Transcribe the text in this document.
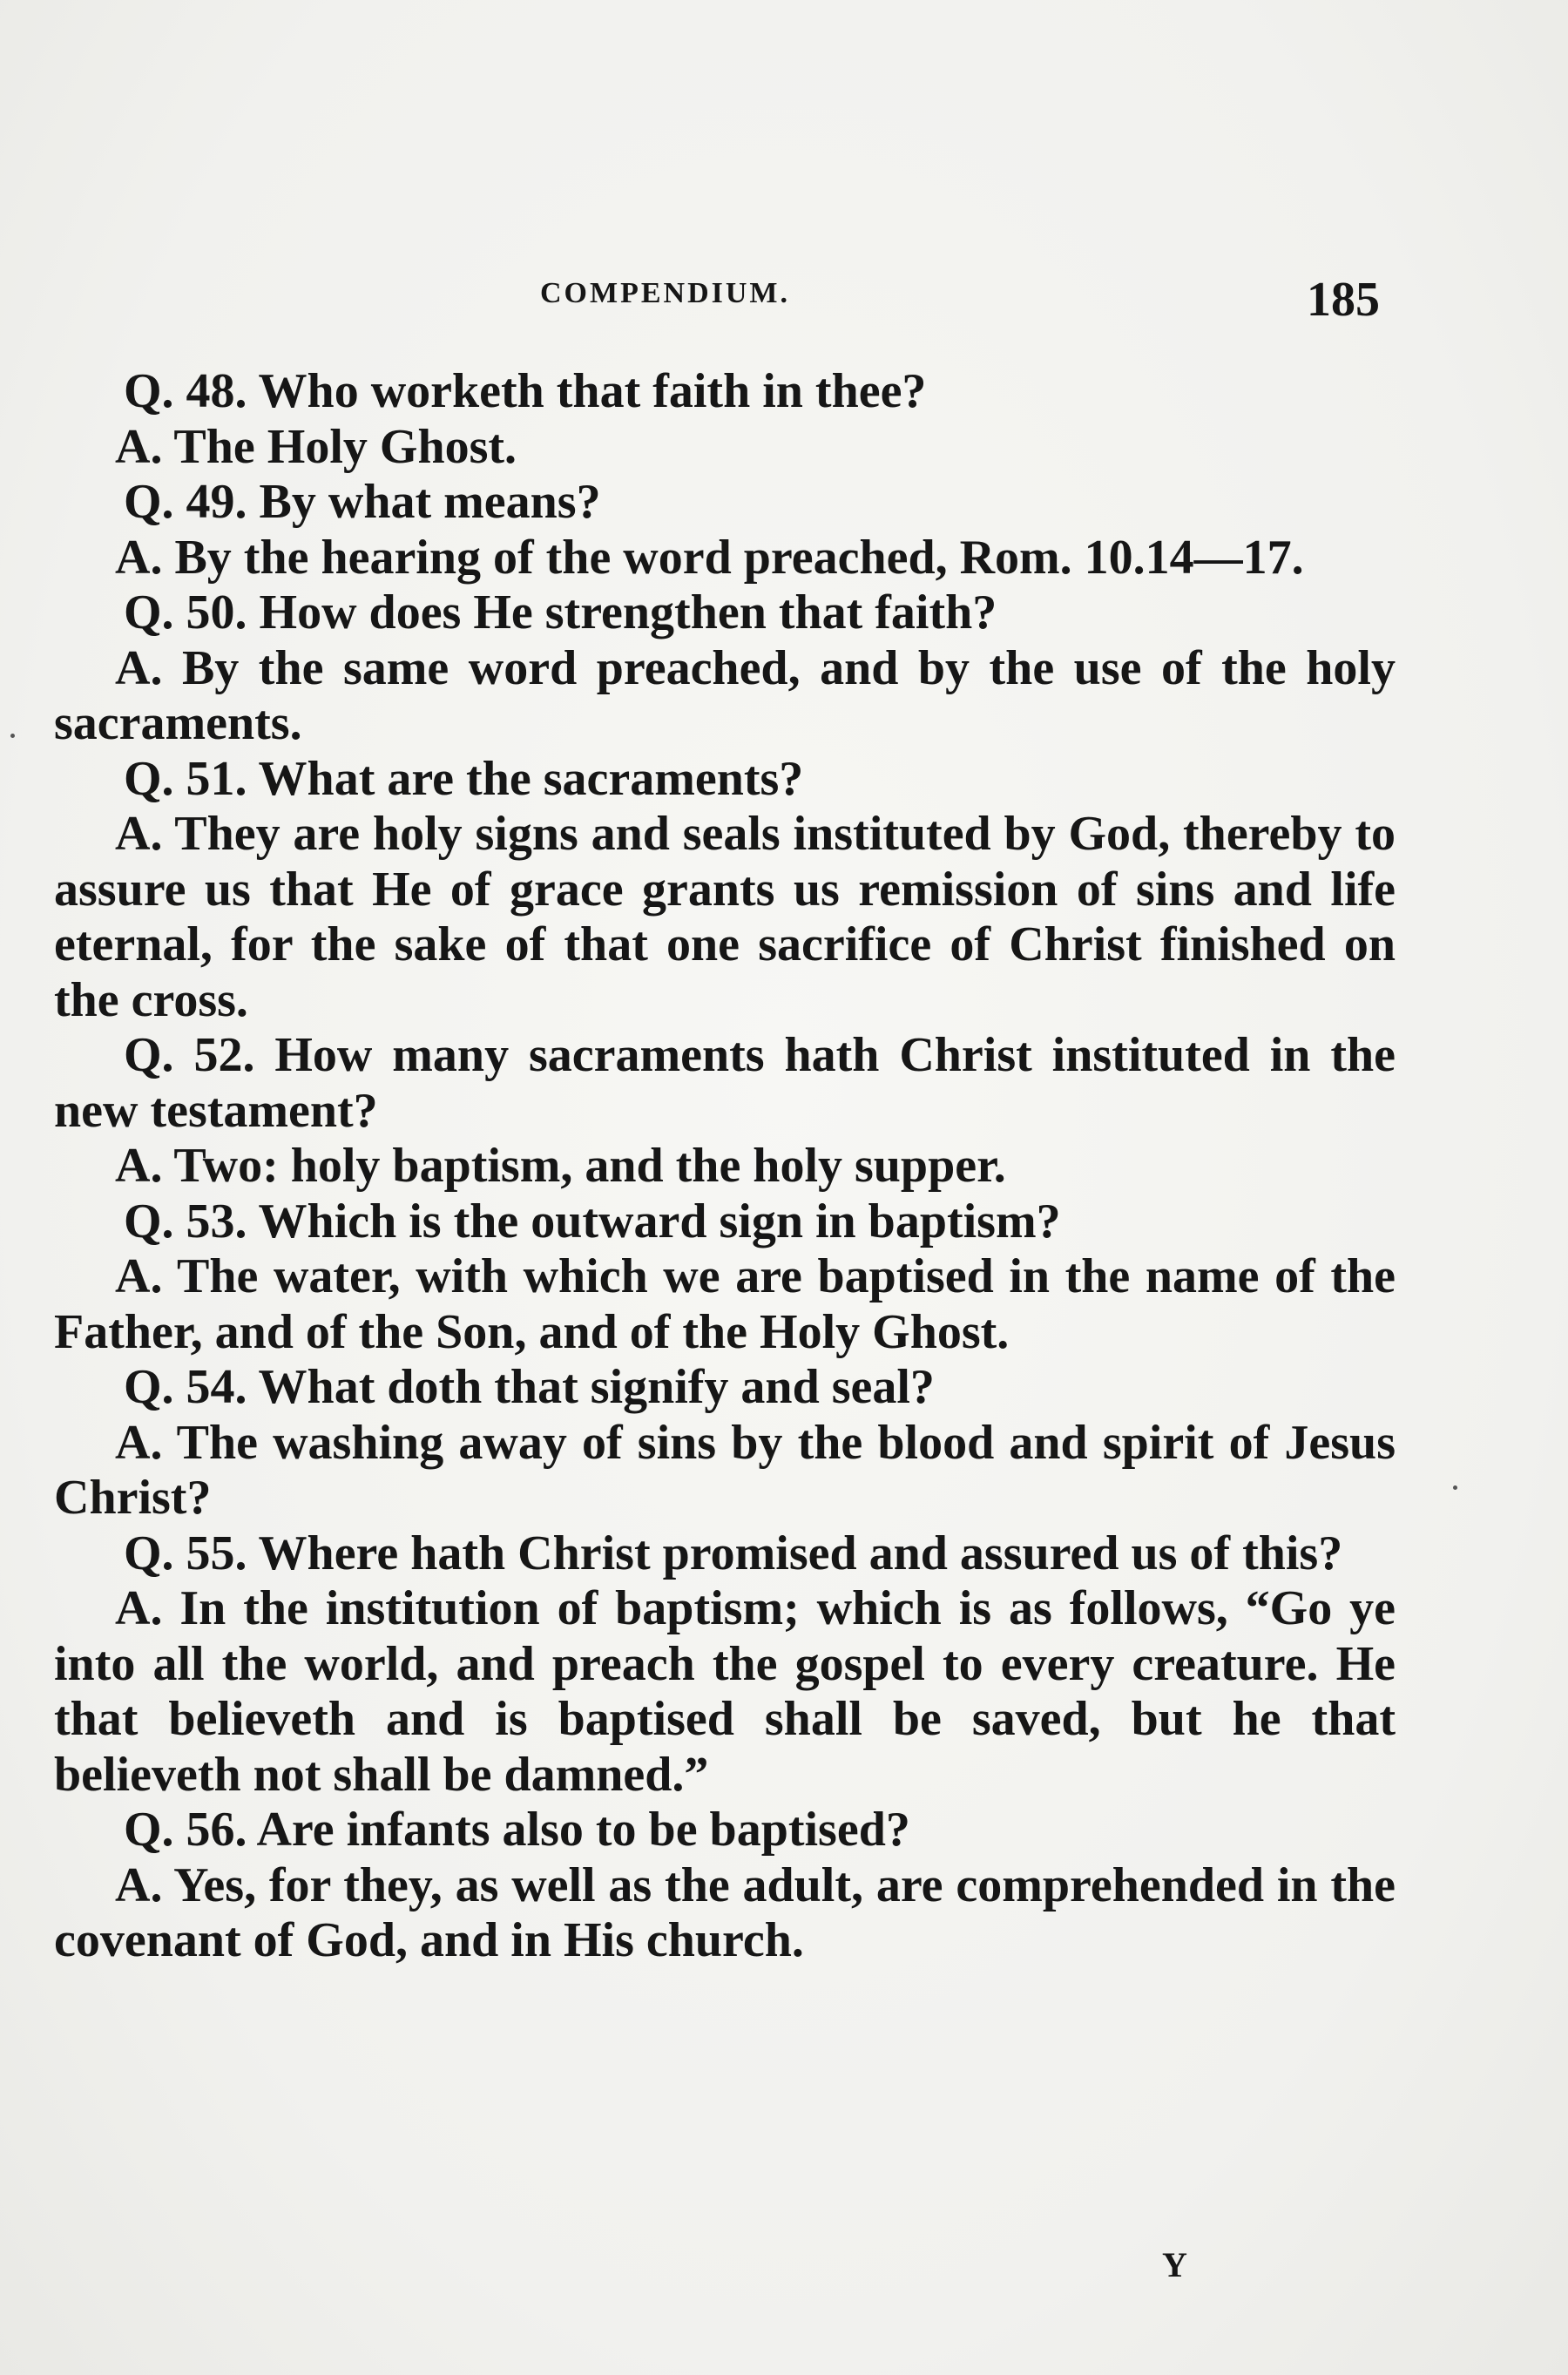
COMPENDIUM.	185

Q. 48. Who worketh that faith in thee?

A. The Holy Ghost.

Q. 49. By what means?

A. By the hearing of the word preached, Rom. 10.14—17.

Q. 50. How does He strengthen that faith?

A. By the same word preached, and by the use of the holy sacraments.

Q. 51. What are the sacraments?

A. They are holy signs and seals instituted by God, thereby to assure us that He of grace grants us remission of sins and life eternal, for the sake of that one sacrifice of Christ finished on the cross.

Q. 52. How many sacraments hath Christ instituted in the new testament?

A. Two: holy baptism, and the holy supper.

Q. 53. Which is the outward sign in baptism?

A. The water, with which we are baptised in the name of the Father, and of the Son, and of the Holy Ghost.

Q. 54. What doth that signify and seal?

A. The washing away of sins by the blood and spirit of Jesus Christ?

Q. 55. Where hath Christ promised and assured us of this?

A. In the institution of baptism; which is as follows, “Go ye into all the world, and preach the gospel to every creature. He that believeth and is baptised shall be saved, but he that believeth not shall be damned.”

Q. 56. Are infants also to be baptised?

A. Yes, for they, as well as the adult, are comprehended in the covenant of God, and in His church.

Y
